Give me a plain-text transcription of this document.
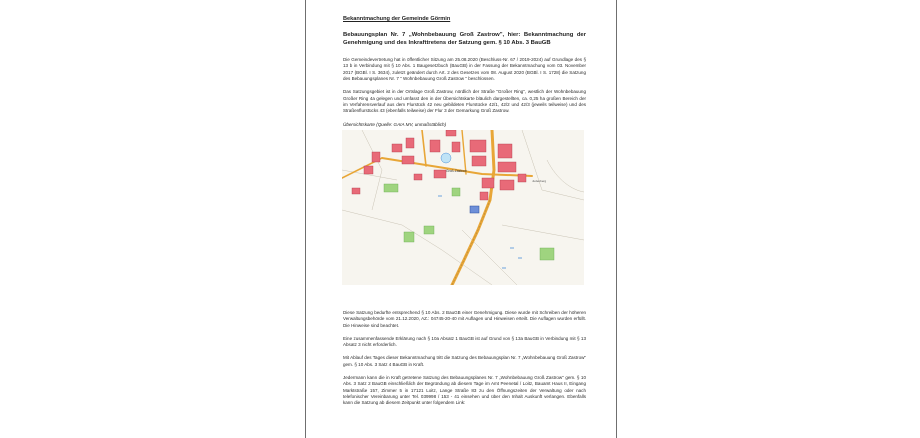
Bekanntmachung der Gemeinde Görmin
Bebauungsplan Nr. 7 „Wohnbebauung Groß Zastrow", hier: Bekanntmachung der Genehmigung und des Inkrafttretens der Satzung gem. § 10 Abs. 3 BauGB

Die Gemeindevertretung hat in öffentlicher Sitzung am 25.08.2020 (Beschluss-Nr. 67 / 2019-2024) auf Grundlage des § 13 b in Verbindung mit § 10 Abs. 1 Baugesetzbuch (BauGB) in der Fassung der Bekanntmachung vom 03. November 2017 (BGBl. I S. 3634), zuletzt geändert durch Art. 2 des Gesetzes vom 08. August 2020 (BGBl. I S. 1728) die Satzung des Bebauungsplanes Nr. 7 " Wohnbebauung Groß Zastrow " beschlossen.

Das Satzungsgebiet ist in der Ortslage Groß Zastrow, nördlich der Straße "Großer Ring", westlich der Wohnbebauung Großer Ring 4a gelegen und umfasst den in der Übersichtskarte bläulich dargestellten, ca. 0,25 ha großen Bereich der im Verfahrensverlauf aus dem Flurstück 42 neu gebildeten Flurstücke 42/1, 42/2 und 42/3 (jeweils teilweise) und des Straßenflurstücks 43 (ebenfalls teilweise) der Flur 3 der Gemarkung Groß Zastrow.

Übersichtskarte (Quelle: GAIA MV, unmaßstäblich)
Groß Zastrow
Judenberg

Diese Satzung bedurfte entsprechend § 10 Abs. 2 BauGB einer Genehmigung. Diese wurde mit Schreiben der höheren Verwaltungsbehörde vom 21.12.2020, AZ.: 04745-20-40 mit Auflagen und Hinweisen erteilt. Die Auflagen wurden erfüllt. Die Hinweise sind beachtet.

Eine zusammenfassende Erklärung nach § 10a Absatz 1 BauGB ist auf Grund von § 13a BauGB in Verbindung mit § 13 Absatz 3 nicht erforderlich.

Mit Ablauf des Tages dieser Bekanntmachung tritt die Satzung des Bebauungsplan Nr. 7 „Wohnbebauung Groß Zastrow" gem. § 10 Abs. 3 Satz 4 BauGB in Kraft.

Jedermann kann die in Kraft getretene Satzung des Bebauungsplanes Nr. 7 „Wohnbebauung Groß Zastrow" gem. § 10 Abs. 3 Satz 2 BauGB einschließlich der Begründung ab diesem Tage im Amt Peenetal / Loitz, Bauamt Haus II, Eingang Marktstraße 157, Zimmer 5 in 17121 Loitz, Lange Straße 83 zu den Öffnungszeiten der Verwaltung oder nach telefonischer Vereinbarung unter Tel. 039998 / 153 - 41 einsehen und über den Inhalt Auskunft verlangen. Ebenfalls kann die Satzung ab diesem Zeitpunkt unter folgendem Link:
